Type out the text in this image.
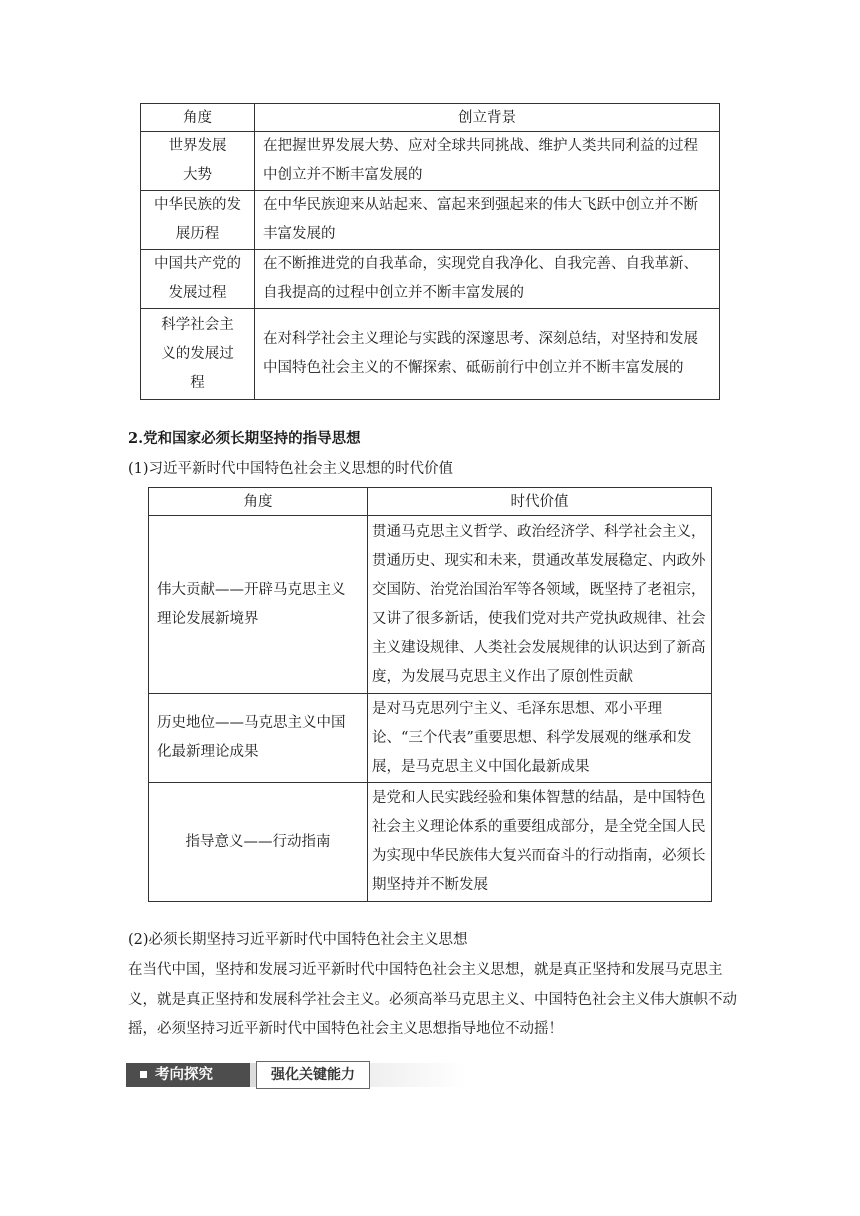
角度	创立背景
世界发展大势	在把握世界发展大势、应对全球共同挑战、维护人类共同利益的过程中创立并不断丰富发展的
中华民族的发展历程	在中华民族迎来从站起来、富起来到强起来的伟大飞跃中创立并不断丰富发展的
中国共产党的发展过程	在不断推进党的自我革命，实现党自我净化、自我完善、自我革新、自我提高的过程中创立并不断丰富发展的
科学社会主义的发展过程	在对科学社会主义理论与实践的深邃思考、深刻总结，对坚持和发展中国特色社会主义的不懈探索、砥砺前行中创立并不断丰富发展的
2.党和国家必须长期坚持的指导思想
(1)习近平新时代中国特色社会主义思想的时代价值
角度	时代价值
伟大贡献——开辟马克思主义理论发展新境界	贯通马克思主义哲学、政治经济学、科学社会主义，贯通历史、现实和未来，贯通改革发展稳定、内政外交国防、治党治国治军等各领域，既坚持了老祖宗，又讲了很多新话，使我们党对共产党执政规律、社会主义建设规律、人类社会发展规律的认识达到了新高度，为发展马克思主义作出了原创性贡献
历史地位——马克思主义中国化最新理论成果	是对马克思列宁主义、毛泽东思想、邓小平理论、“三个代表”重要思想、科学发展观的继承和发展，是马克思主义中国化最新成果
指导意义——行动指南	是党和人民实践经验和集体智慧的结晶，是中国特色社会主义理论体系的重要组成部分，是全党全国人民为实现中华民族伟大复兴而奋斗的行动指南，必须长期坚持并不断发展
(2)必须长期坚持习近平新时代中国特色社会主义思想
在当代中国，坚持和发展习近平新时代中国特色社会主义思想，就是真正坚持和发展马克思主义，就是真正坚持和发展科学社会主义。必须高举马克思主义、中国特色社会主义伟大旗帜不动摇，必须坚持习近平新时代中国特色社会主义思想指导地位不动摇！
考向探究	强化关键能力
